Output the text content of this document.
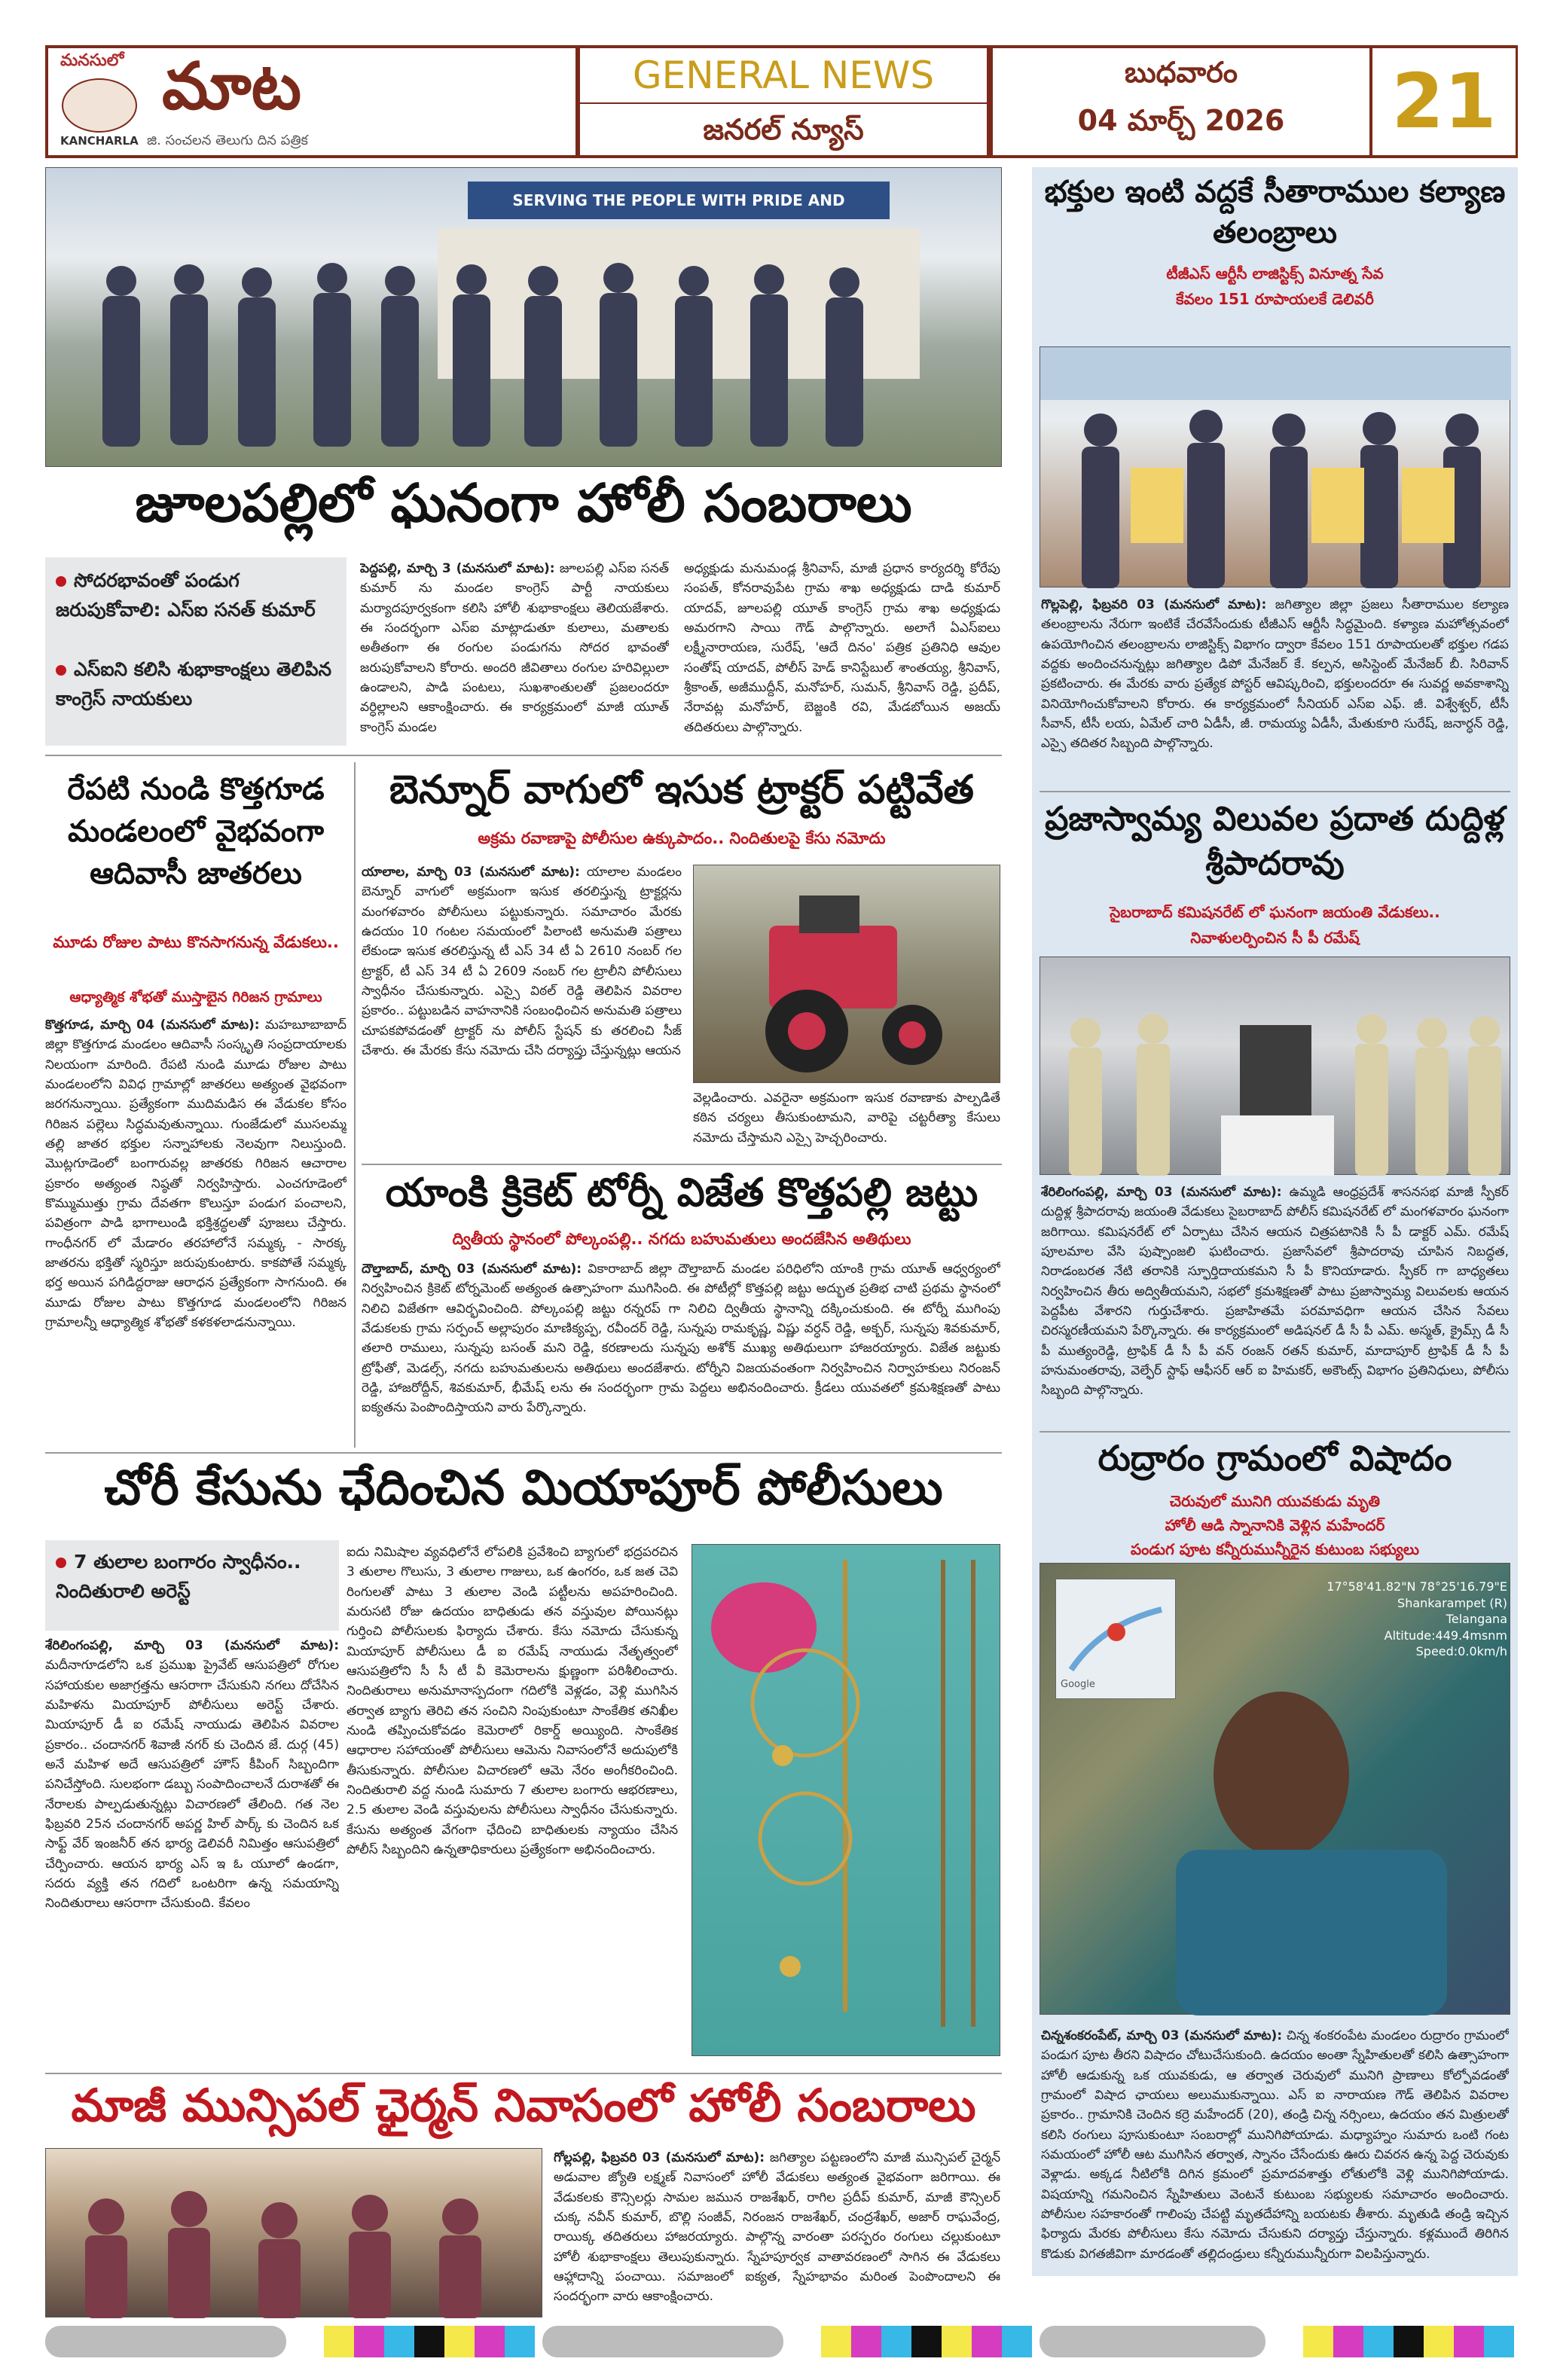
మనసులో మాట
KANCHARLA జి. సంచలన తెలుగు దిన పత్రిక
GENERAL NEWS
జనరల్ న్యూస్
బుధవారం
04 మార్చ్ 2026	21
SERVING THE PEOPLE WITH PRIDE AND
జూలపల్లిలో ఘనంగా హోలీ సంబరాలు
సోదరభావంతో పండుగ జరుపుకోవాలి: ఎస్ఐ సనత్ కుమార్
ఎస్ఐని కలిసి శుభాకాంక్షలు తెలిపిన కాంగ్రెస్ నాయకులు
పెద్దపల్లి, మార్చి 3 (మనసులో మాట): జూలపల్లి ఎస్ఐ సనత్ కుమార్ ను మండల కాంగ్రెస్ పార్టీ నాయకులు మర్యాదపూర్వకంగా కలిసి హోలీ శుభాకాంక్షలు తెలియజేశారు. ఈ సందర్భంగా ఎస్ఐ మాట్లాడుతూ కులాలు, మతాలకు అతీతంగా ఈ రంగుల పండుగను సోదర భావంతో జరుపుకోవాలని కోరారు. అందరి జీవితాలు రంగుల హరివిల్లులా ఉండాలని, పాడి పంటలు, సుఖశాంతులతో ప్రజలందరూ వర్ధిల్లాలని ఆకాంక్షించారు. ఈ కార్యక్రమంలో మాజీ యూత్ కాంగ్రెస్ మండల
అధ్యక్షుడు మనుమండ్ల శ్రీనివాస్, మాజీ ప్రధాన కార్యదర్శి కోరేపు సంపత్, కోనరావుపేట గ్రామ శాఖ అధ్యక్షుడు దాడి కుమార్ యాదవ్, జూలపల్లి యూత్ కాంగ్రెస్ గ్రామ శాఖ అధ్యక్షుడు అమరగాని సాయి గౌడ్ పాల్గొన్నారు. అలాగే ఏఎస్ఐలు లక్ష్మీనారాయణ, సురేష్, 'ఆదే దినం' పత్రిక ప్రతినిధి ఆవుల సంతోష్ యాదవ్, పోలీస్ హెడ్ కానిస్టేబుల్ శాంతయ్య, శ్రీనివాస్, శ్రీకాంత్, అజీముద్దీన్, మనోహర్, సుమన్, శ్రీనివాస్ రెడ్డి, ప్రదీప్, నేరావట్ల మనోహర్, బెజ్జంకి రవి, మేడబోయిన అజయ్ తదితరులు పాల్గొన్నారు.
రేపటి నుండి కొత్తగూడ మండలంలో వైభవంగా ఆదివాసీ జాతరలు
మూడు రోజుల పాటు కొనసాగనున్న వేడుకలు..
ఆధ్యాత్మిక శోభతో ముస్తాబైన గిరిజన గ్రామాలు
కొత్తగూడ, మార్చి 04 (మనసులో మాట): మహబూబాబాద్ జిల్లా కొత్తగూడ మండలం ఆదివాసీ సంస్కృతి సంప్రదాయాలకు నిలయంగా మారింది. రేపటి నుండి మూడు రోజుల పాటు మండలంలోని వివిధ గ్రామాల్లో జాతరలు అత్యంత వైభవంగా జరగనున్నాయి. ప్రత్యేకంగా ముదిమడిస ఈ వేడుకల కోసం గిరిజన పల్లెలు సిద్ధమవుతున్నాయి. గుంజేడులో ముసలమ్మ తల్లి జాతర భక్తుల సన్నాహాలకు నెలవుగా నిలుస్తుంది. మొట్లగూడెంలో బంగారువల్ల జాతరకు గిరిజన ఆచారాల ప్రకారం అత్యంత నిష్ఠతో నిర్వహిస్తారు. ఎంచగూడెంలో కొమ్ముముత్తు గ్రామ దేవతగా కొలుస్తూ పండుగ పంచాలని, పవిత్రంగా పాడి భాగాలుండి భక్తిశ్రద్ధలతో పూజలు చేస్తారు. గాంధీనగర్ లో మేడారం తరహాలోనే సమ్మక్క - సారక్క జాతరను భక్తితో స్మరిస్తూ జరుపుకుంటారు. కాకపోతే సమ్మక్క భర్త అయిన పగిడిద్దరాజు ఆరాధన ప్రత్యేకంగా సాగనుంది. ఈ మూడు రోజుల పాటు కొత్తగూడ మండలంలోని గిరిజన గ్రామాలన్నీ ఆధ్యాత్మిక శోభతో కళకళలాడనున్నాయి.
బెన్నూర్ వాగులో ఇసుక ట్రాక్టర్ పట్టివేత
అక్రమ రవాణాపై పోలీసుల ఉక్కుపాదం.. నిందితులపై కేసు నమోదు
యాలాల, మార్చి 03 (మనసులో మాట): యాలాల మండలం బెన్నూర్ వాగులో అక్రమంగా ఇసుక తరలిస్తున్న ట్రాక్టర్లను మంగళవారం పోలీసులు పట్టుకున్నారు. సమాచారం మేరకు ఉదయం 10 గంటల సమయంలో పిలాంటి అనుమతి పత్రాలు లేకుండా ఇసుక తరలిస్తున్న టీ ఎస్ 34 టీ ఏ 2610 నంబర్ గల ట్రాక్టర్, టీ ఎస్ 34 టీ ఏ 2609 నంబర్ గల ట్రాలీని పోలీసులు స్వాధీనం చేసుకున్నారు. ఎస్సై విఠల్ రెడ్డి తెలిపిన వివరాల ప్రకారం.. పట్టుబడిన వాహనానికి సంబంధించిన అనుమతి పత్రాలు చూపకపోవడంతో ట్రాక్టర్ ను పోలీస్ స్టేషన్ కు తరలించి సీజ్ చేశారు. ఈ మేరకు కేసు నమోదు చేసి దర్యాప్తు చేస్తున్నట్లు ఆయన
వెల్లడించారు. ఎవరైనా అక్రమంగా ఇసుక రవాణాకు పాల్పడితే కఠిన చర్యలు తీసుకుంటామని, వారిపై చట్టరీత్యా కేసులు నమోదు చేస్తామని ఎస్సై హెచ్చరించారు.
యాంకి క్రికెట్ టోర్నీ విజేత కొత్తపల్లి జట్టు
ద్వితీయ స్థానంలో పోల్కంపల్లి.. నగదు బహుమతులు అందజేసిన అతిథులు
దౌల్తాబాద్, మార్చి 03 (మనసులో మాట): వికారాబాద్ జిల్లా దౌల్తాబాద్ మండల పరిధిలోని యాంకి గ్రామ యూత్ ఆధ్వర్యంలో నిర్వహించిన క్రికెట్ టోర్నమెంట్ అత్యంత ఉత్సాహంగా ముగిసింది. ఈ పోటీల్లో కొత్తపల్లి జట్టు అద్భుత ప్రతిభ చాటి ప్రథమ స్థానంలో నిలిచి విజేతగా ఆవిర్భవించింది. పోల్కంపల్లి జట్టు రన్నరప్ గా నిలిచి ద్వితీయ స్థానాన్ని దక్కించుకుంది. ఈ టోర్నీ ముగింపు వేడుకలకు గ్రామ సర్పంచ్ అల్లాపురం మాణిక్యప్ప, రవీందర్ రెడ్డి, సున్నపు రామకృష్ణ, విష్ణు వర్ధన్ రెడ్డి, అక్బర్, సున్నపు శివకుమార్, తలారి రాములు, సున్నపు బసంత్ మని రెడ్డి, కరణాలదు సున్నపు అశోక్ ముఖ్య అతిథులుగా హాజరయ్యారు. విజేత జట్టుకు ట్రోఫీతో, మెడల్స్, నగదు బహుమతులను అతిథులు అందజేశారు. టోర్నీని విజయవంతంగా నిర్వహించిన నిర్వాహకులు నిరంజన్ రెడ్డి, హాజరోద్దీన్, శివకుమార్, భీమేష్ లను ఈ సందర్భంగా గ్రామ పెద్దలు అభినందించారు. క్రీడలు యువతలో క్రమశిక్షణతో పాటు ఐక్యతను పెంపొందిస్తాయని వారు పేర్కొన్నారు.
చోరీ కేసును ఛేదించిన మియాపూర్ పోలీసులు
7 తులాల బంగారం స్వాధీనం.. నిందితురాలి అరెస్ట్
శేరిలింగంపల్లి, మార్చి 03 (మనసులో మాట): మదీనాగూడలోని ఒక ప్రముఖ ప్రైవేట్ ఆసుపత్రిలో రోగుల సహాయకుల అజాగ్రత్తను ఆసరాగా చేసుకుని నగలు దోచేసిన మహిళను మియాపూర్ పోలీసులు అరెస్ట్ చేశారు. మియాపూర్ డీ ఐ రమేష్ నాయుడు తెలిపిన వివరాల ప్రకారం.. చందానగర్ శివాజీ నగర్ కు చెందిన జే. దుర్గ (45) అనే మహిళ అదే ఆసుపత్రిలో హౌస్ కీపింగ్ సిబ్బందిగా పనిచేస్తోంది. సులభంగా డబ్బు సంపాదించాలనే దురాశతో ఈ నేరాలకు పాల్పడుతున్నట్లు విచారణలో తేలింది. గత నెల ఫిబ్రవరి 25న చందానగర్ అపర్ణ హిల్ పార్క్ కు చెందిన ఒక సాఫ్ట్ వేర్ ఇంజనీర్ తన భార్య డెలివరీ నిమిత్తం ఆసుపత్రిలో చేర్పించారు. ఆయన భార్య ఎస్ ఇ ఓ యూలో ఉండగా, సదరు వ్యక్తి తన గదిలో ఒంటరిగా ఉన్న సమయాన్ని నిందితురాలు ఆసరాగా చేసుకుంది. కేవలం
ఐదు నిమిషాల వ్యవధిలోనే లోపలికి ప్రవేశించి బ్యాగులో భద్రపరచిన 3 తులాల గొలుసు, 3 తులాల గాజులు, ఒక ఉంగరం, ఒక జత చెవి రింగులతో పాటు 3 తులాల వెండి పట్టీలను అపహరించింది. మరుసటి రోజు ఉదయం బాధితుడు తన వస్తువుల పోయినట్లు గుర్తించి పోలీసులకు ఫిర్యాదు చేశారు. కేసు నమోదు చేసుకున్న మియాపూర్ పోలీసులు డీ ఐ రమేష్ నాయుడు నేతృత్వంలో ఆసుపత్రిలోని సీ సీ టీ వీ కెమెరాలను క్షుణ్ణంగా పరిశీలించారు. నిందితురాలు అనుమానాస్పదంగా గదిలోకి వెళ్లడం, వెళ్లి ముగిసిన తర్వాత బ్యాగు తెరిచి తన సంచిని నింపుకుంటూ సాంకేతిక తనిఖీల నుండి తప్పించుకోవడం కెమెరాలో రికార్డ్ అయ్యింది. సాంకేతిక ఆధారాల సహాయంతో పోలీసులు ఆమెను నివాసంలోనే అదుపులోకి తీసుకున్నారు. పోలీసుల విచారణలో ఆమె నేరం అంగీకరించింది. నిందితురాలి వద్ద నుండి సుమారు 7 తులాల బంగారు ఆభరణాలు, 2.5 తులాల వెండి వస్తువులను పోలీసులు స్వాధీనం చేసుకున్నారు. కేసును అత్యంత వేగంగా ఛేదించి బాధితులకు న్యాయం చేసిన పోలీస్ సిబ్బందిని ఉన్నతాధికారులు ప్రత్యేకంగా అభినందించారు.
మాజీ మున్సిపల్ ఛైర్మన్ నివాసంలో హోలీ సంబరాలు
గోల్లపల్లి, ఫిబ్రవరి 03 (మనసులో మాట): జగిత్యాల పట్టణంలోని మాజీ మున్సిపల్ చైర్మన్ అడువాల జ్యోతి లక్ష్మణ్ నివాసంలో హోలీ వేడుకలు అత్యంత వైభవంగా జరిగాయి. ఈ వేడుకలకు కౌన్సిలర్లు సామల జమున రాజశేఖర్, రాగిల ప్రదీప్ కుమార్, మాజీ కౌన్సిలర్ చుక్క నవీన్ కుమార్, బొల్లి సంజీవ్, నిరంజన రాజశేఖర్, చంద్రశేఖర్, అజార్ రాఘవేంద్ర, రాయిక్క తదితరులు హాజరయ్యారు. పాల్గొన్న వారంతా పరస్పరం రంగులు చల్లుకుంటూ హోలీ శుభాకాంక్షలు తెలుపుకున్నారు. స్నేహపూర్వక వాతావరణంలో సాగిన ఈ వేడుకలు ఆహ్లాదాన్ని పంచాయి. సమాజంలో ఐక్యత, స్నేహభావం మరింత పెంపొందాలని ఈ సందర్భంగా వారు ఆకాంక్షించారు.
భక్తుల ఇంటి వద్దకే సీతారాముల కల్యాణ తలంబ్రాలు
టీజీఎస్ ఆర్టీసీ లాజిస్టిక్స్ వినూత్న సేవ
కేవలం 151 రూపాయలకే డెలివరీ
గొల్లపెల్లి, ఫిబ్రవరి 03 (మనసులో మాట): జగిత్యాల జిల్లా ప్రజలు సీతారాముల కల్యాణ తలంబ్రాలను నేరుగా ఇంటికే చేరవేసేందుకు టీజీఎస్ ఆర్టీసీ సిద్ధమైంది. కళ్యాణ మహోత్సవంలో ఉపయోగించిన తలంబ్రాలను లాజిస్టిక్స్ విభాగం ద్వారా కేవలం 151 రూపాయలతో భక్తుల గడప వద్దకు అందించనున్నట్లు జగిత్యాల డిపో మేనేజర్ కే. కల్పన, అసిస్టెంట్ మేనేజర్ బీ. సిరివాన్ ప్రకటించారు. ఈ మేరకు వారు ప్రత్యేక పోస్టర్ ఆవిష్కరించి, భక్తులందరూ ఈ సువర్ణ అవకాశాన్ని వినియోగించుకోవాలని కోరారు. ఈ కార్యక్రమంలో సీనియర్ ఎస్ఐ ఎఫ్. జీ. విశ్వేశ్వర్, టీసీ సీవాన్, టీసీ లయ, ఏమేల్ చారి ఏడీసీ, జీ. రామయ్య ఏడీసీ, మేతుకూరి సురేష్, జనార్ధన్ రెడ్డి, ఎస్సై తదితర సిబ్బంది పాల్గొన్నారు.
ప్రజాస్వామ్య విలువల ప్రదాత దుద్దిళ్ల శ్రీపాదరావు
సైబరాబాద్ కమిషనరేట్ లో ఘనంగా జయంతి వేడుకలు..
నివాళులర్పించిన సీ పీ రమేష్
శేరిలింగంపల్లి, మార్చి 03 (మనసులో మాట): ఉమ్మడి ఆంధ్రప్రదేశ్ శాసనసభ మాజీ స్పీకర్ దుద్దిళ్ల శ్రీపాదరావు జయంతి వేడుకలు సైబరాబాద్ పోలీస్ కమిషనరేట్ లో మంగళవారం ఘనంగా జరిగాయి. కమిషనరేట్ లో ఏర్పాటు చేసిన ఆయన చిత్రపటానికి సీ పీ డాక్టర్ ఎమ్. రమేష్ పూలమాల వేసి పుష్పాంజలి ఘటించారు. ప్రజాసేవలో శ్రీపాదరావు చూపిన నిబద్ధత, నిరాడంబరత నేటి తరానికి స్ఫూర్తిదాయకమని సీ పీ కొనియాడారు. స్పీకర్ గా బాధ్యతలు నిర్వహించిన తీరు అద్వితీయమని, సభలో క్రమశిక్షణతో పాటు ప్రజాస్వామ్య విలువలకు ఆయన పెద్దపీట వేశారని గుర్తుచేశారు. ప్రజాహితమే పరమావధిగా ఆయన చేసిన సేవలు చిరస్మరణీయమని పేర్కొన్నారు. ఈ కార్యక్రమంలో అడిషనల్ డీ సీ పీ ఎమ్. అస్మత్, క్రైమ్స్ డీ సీ పీ ముత్యంరెడ్డి, ట్రాఫిక్ డీ సీ పీ వన్ రంజన్ రతన్ కుమార్, మాదాపూర్ ట్రాఫిక్ డీ సీ పీ హనుమంతరావు, వెల్ఫేర్ స్టాఫ్ ఆఫీసర్ ఆర్ ఐ హిమకర్, అకౌంట్స్ విభాగం ప్రతినిధులు, పోలీసు సిబ్బంది పాల్గొన్నారు.
రుద్రారం గ్రామంలో విషాదం
చెరువులో మునిగి యువకుడు మృతి
హోలీ ఆడి స్నానానికి వెళ్లిన మహేందర్
పండుగ పూట కన్నీరుమున్నీరైన కుటుంబ సభ్యులు
Google
17°58'41.82"N 78°25'16.79"E
Shankarampet (R)
Telangana
Altitude:449.4msnm
Speed:0.0km/h
చిన్నశంకరంపేట్, మార్చి 03 (మనసులో మాట): చిన్న శంకరంపేట మండలం రుద్రారం గ్రామంలో పండుగ పూట తీరని విషాదం చోటుచేసుకుంది. ఉదయం అంతా స్నేహితులతో కలిసి ఉత్సాహంగా హోలీ ఆడుకున్న ఒక యువకుడు, ఆ తర్వాత చెరువులో మునిగి ప్రాణాలు కోల్పోవడంతో గ్రామంలో విషాద ఛాయలు అలుముకున్నాయి. ఎస్ ఐ నారాయణ గౌడ్ తెలిపిన వివరాల ప్రకారం.. గ్రామానికి చెందిన కర్రె మహేందర్ (20), తండ్రి చిన్న నర్సింలు, ఉదయం తన మిత్రులతో కలిసి రంగులు పూసుకుంటూ సంబరాల్లో మునిగిపోయాడు. మధ్యాహ్నం సుమారు ఒంటి గంట సమయంలో హోలీ ఆట ముగిసిన తర్వాత, స్నానం చేసేందుకు ఊరు చివరన ఉన్న పెద్ద చెరువుకు వెళ్లాడు. అక్కడ నీటిలోకి దిగిన క్రమంలో ప్రమాదవశాత్తు లోతులోకి వెళ్లి మునిగిపోయాడు. విషయాన్ని గమనించిన స్నేహితులు వెంటనే కుటుంబ సభ్యులకు సమాచారం అందించారు. పోలీసుల సహకారంతో గాలింపు చేపట్టి మృతదేహాన్ని బయటకు తీశారు. మృతుడి తండ్రి ఇచ్చిన ఫిర్యాదు మేరకు పోలీసులు కేసు నమోదు చేసుకుని దర్యాప్తు చేస్తున్నారు. కళ్లముందే తిరిగిన కొడుకు విగతజీవిగా మారడంతో తల్లిదండ్రులు కన్నీరుమున్నీరుగా విలపిస్తున్నారు.
